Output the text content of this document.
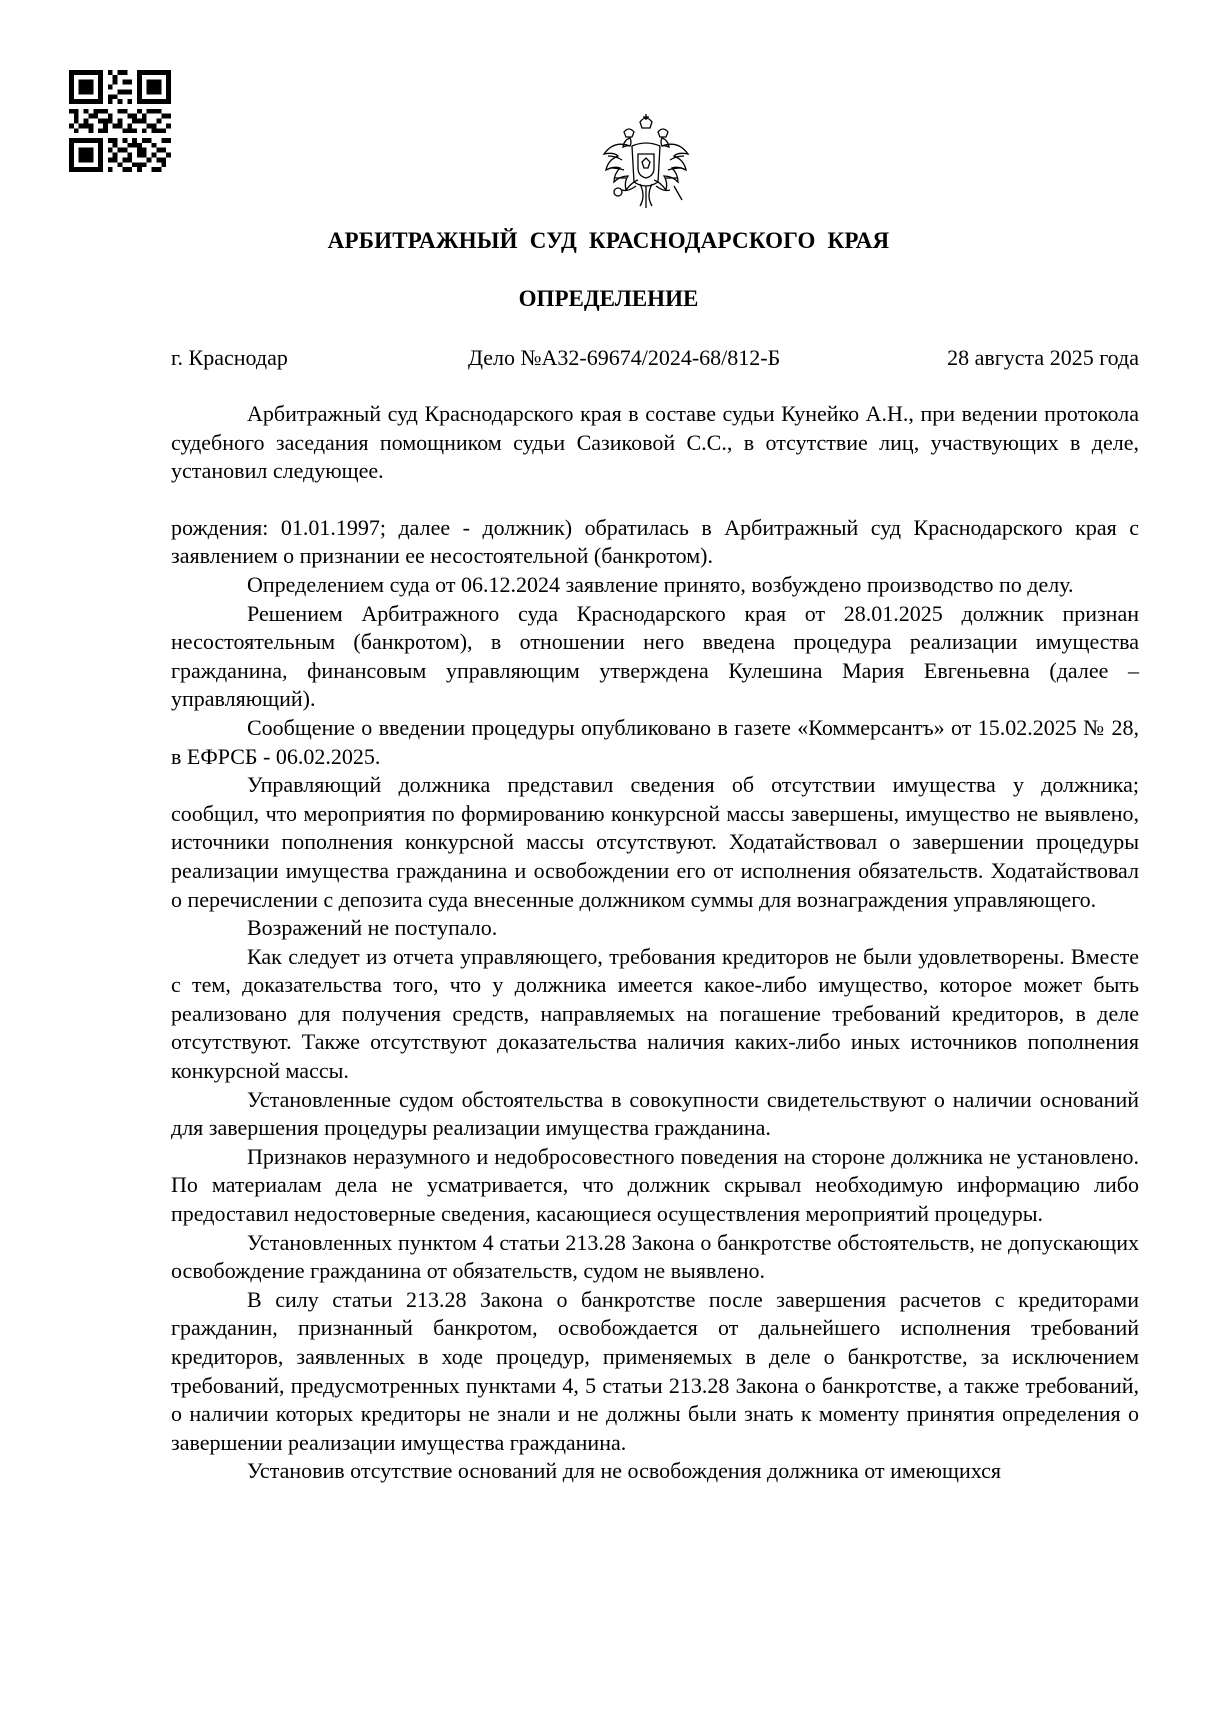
АРБИТРАЖНЫЙ СУД КРАСНОДАРСКОГО КРАЯ
ОПРЕДЕЛЕНИЕ
г. Краснодар	Дело №А32-69674/2024-68/812-Б	28 августа 2025 года

Арбитражный суд Краснодарского края в составе судьи Кунейко А.Н., при ведении протокола судебного заседания помощником судьи Сазиковой С.С., в отсутствие лиц, участвующих в деле, установил следующее.

рождения: 01.01.1997; далее - должник) обратилась в Арбитражный суд Краснодарского края с заявлением о признании ее несостоятельной (банкротом).

Определением суда от 06.12.2024 заявление принято, возбуждено производство по делу.

Решением Арбитражного суда Краснодарского края от 28.01.2025 должник признан несостоятельным (банкротом), в отношении него введена процедура реализации имущества гражданина, финансовым управляющим утверждена Кулешина Мария Евгеньевна (далее – управляющий).

Сообщение о введении процедуры опубликовано в газете «Коммерсантъ» от 15.02.2025 № 28, в ЕФРСБ - 06.02.2025.

Управляющий должника представил сведения об отсутствии имущества у должника; сообщил, что мероприятия по формированию конкурсной массы завершены, имущество не выявлено, источники пополнения конкурсной массы отсутствуют. Ходатайствовал о завершении процедуры реализации имущества гражданина и освобождении его от исполнения обязательств. Ходатайствовал о перечислении с депозита суда внесенные должником суммы для вознаграждения управляющего.

Возражений не поступало.

Как следует из отчета управляющего, требования кредиторов не были удовлетворены. Вместе с тем, доказательства того, что у должника имеется какое-либо имущество, которое может быть реализовано для получения средств, направляемых на погашение требований кредиторов, в деле отсутствуют. Также отсутствуют доказательства наличия каких-либо иных источников пополнения конкурсной массы.

Установленные судом обстоятельства в совокупности свидетельствуют о наличии оснований для завершения процедуры реализации имущества гражданина.

Признаков неразумного и недобросовестного поведения на стороне должника не установлено. По материалам дела не усматривается, что должник скрывал необходимую информацию либо предоставил недостоверные сведения, касающиеся осуществления мероприятий процедуры.

Установленных пунктом 4 статьи 213.28 Закона о банкротстве обстоятельств, не допускающих освобождение гражданина от обязательств, судом не выявлено.

В силу статьи 213.28 Закона о банкротстве после завершения расчетов с кредиторами гражданин, признанный банкротом, освобождается от дальнейшего исполнения требований кредиторов, заявленных в ходе процедур, применяемых в деле о банкротстве, за исключением требований, предусмотренных пунктами 4, 5 статьи 213.28 Закона о банкротстве, а также требований, о наличии которых кредиторы не знали и не должны были знать к моменту принятия определения о завершении реализации имущества гражданина.

Установив отсутствие оснований для не освобождения должника от имеющихся
